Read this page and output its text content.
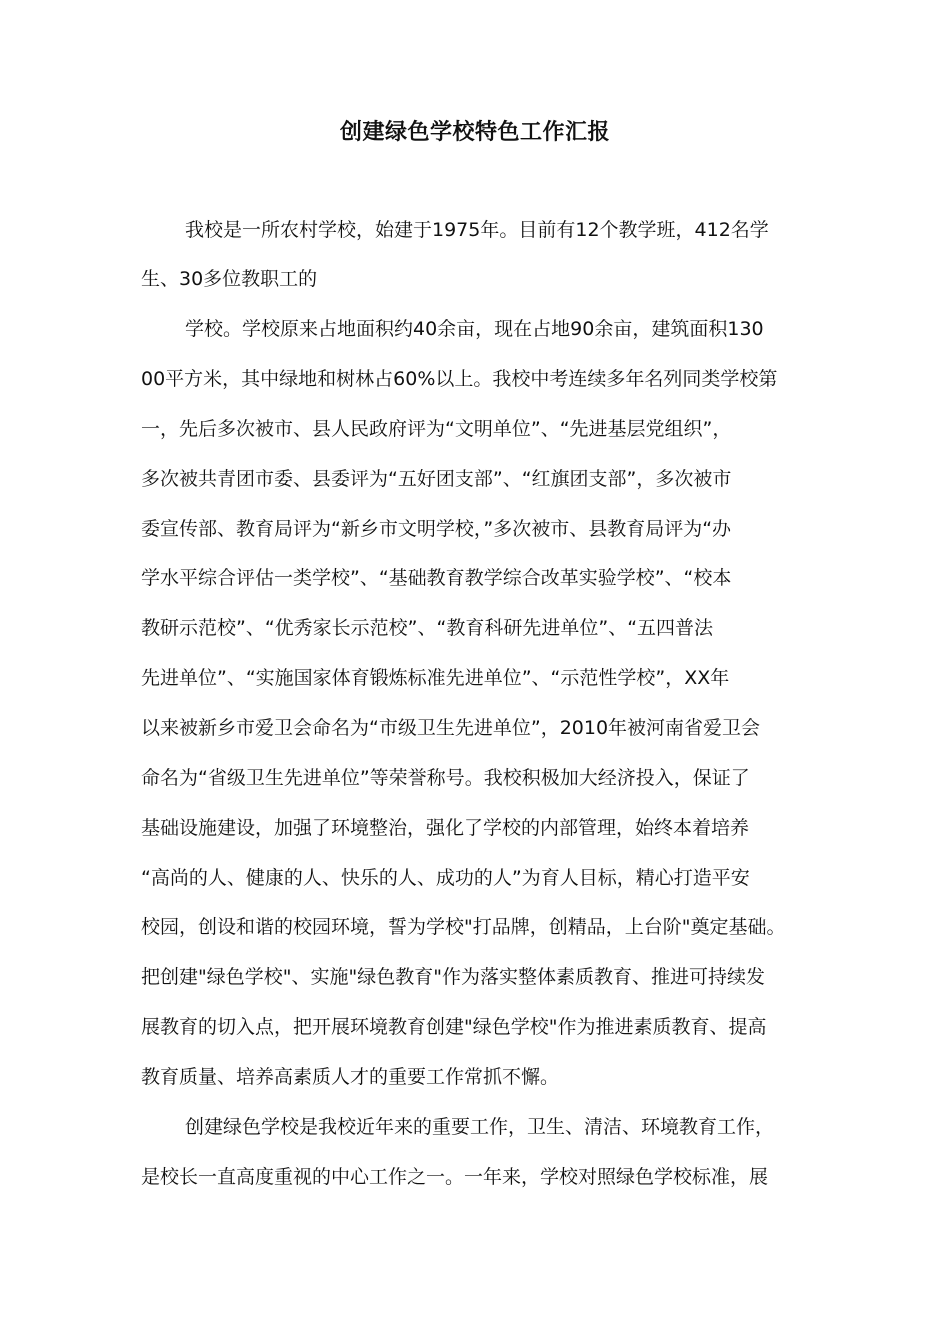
创建绿色学校特色工作汇报

我校是一所农村学校，始建于1975年。目前有12个教学班，412名学

生、30多位教职工的

学校。学校原来占地面积约40余亩，现在占地90余亩，建筑面积130

00平方米，其中绿地和树林占60%以上。我校中考连续多年名列同类学校第

一，先后多次被市、县人民政府评为“文明单位”、“先进基层党组织”，

多次被共青团市委、县委评为“五好团支部”、“红旗团支部”，多次被市

委宣传部、教育局评为“新乡市文明学校，”多次被市、县教育局评为“办

学水平综合评估一类学校”、“基础教育教学综合改革实验学校”、“校本

教研示范校”、“优秀家长示范校”、“教育科研先进单位”、“五四普法

先进单位”、“实施国家体育锻炼标准先进单位”、“示范性学校”，XX年

以来被新乡市爱卫会命名为“市级卫生先进单位”，2010年被河南省爱卫会

命名为“省级卫生先进单位”等荣誉称号。我校积极加大经济投入，保证了

基础设施建设，加强了环境整治，强化了学校的内部管理，始终本着培养

“高尚的人、健康的人、快乐的人、成功的人”为育人目标，精心打造平安

校园，创设和谐的校园环境，誓为学校"打品牌，创精品，上台阶"奠定基础。

把创建"绿色学校"、实施"绿色教育"作为落实整体素质教育、推进可持续发

展教育的切入点，把开展环境教育创建"绿色学校"作为推进素质教育、提高

教育质量、培养高素质人才的重要工作常抓不懈。

创建绿色学校是我校近年来的重要工作，卫生、清洁、环境教育工作，

是校长一直高度重视的中心工作之一。一年来，学校对照绿色学校标准，展
